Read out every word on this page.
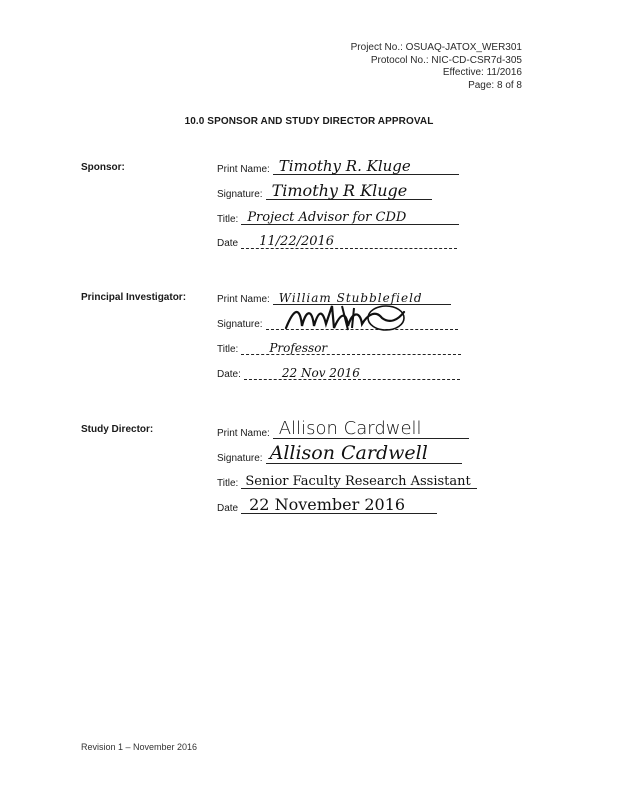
Project No.: OSUAQ-JATOX_WER301
Protocol No.: NIC-CD-CSR7d-305
Effective: 11/2016
Page: 8 of 8
10.0 SPONSOR AND STUDY DIRECTOR APPROVAL
Sponsor:	Print Name: Timothy R. Kluge
Signature: Timothy R Kluge
Title: Project Advisor for CDD
Date 11/22/2016
Principal Investigator:	Print Name: William Stubblefield
Signature:
Title:	Professor
Date:	22 Nov 2016
Study Director:	Print Name: Allison Cardwell
Signature: Allison Cardwell
Title: Senior Faculty Research Assistant
Date 22 November 2016
Revision 1 – November 2016
